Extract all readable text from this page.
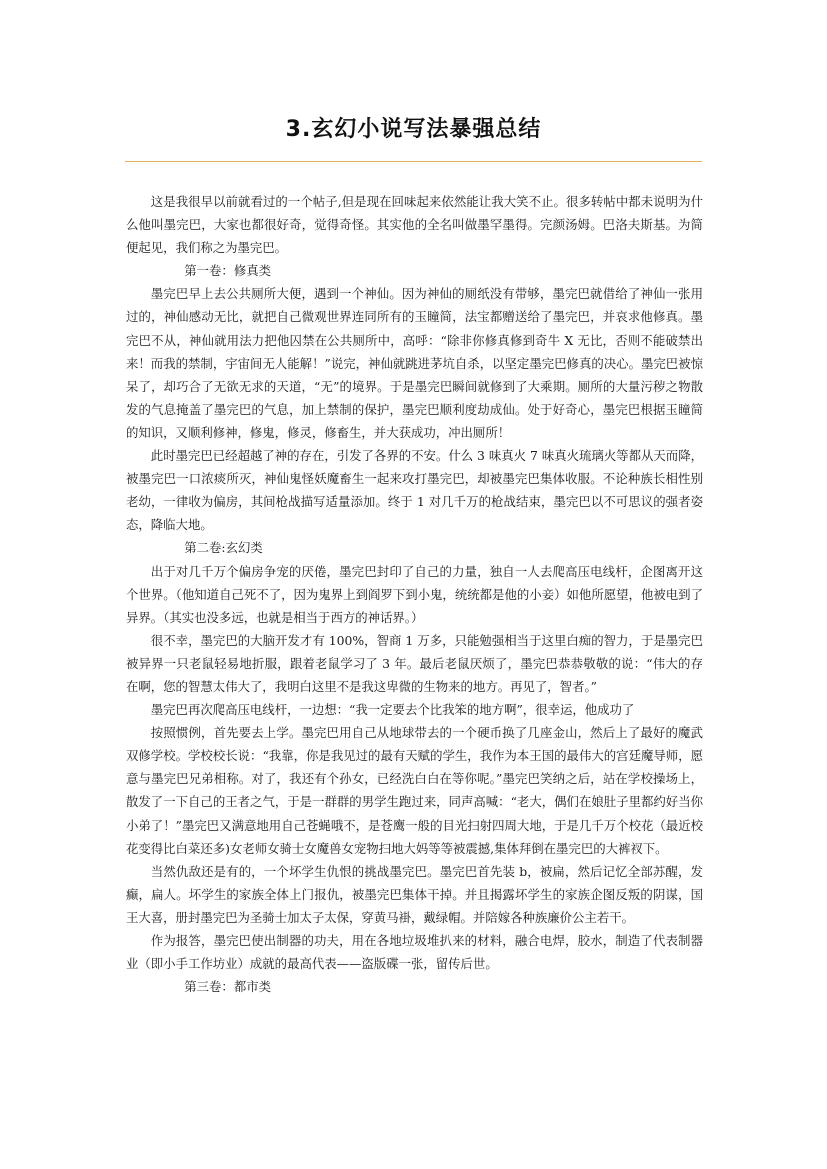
3.玄幻小说写法暴强总结

这是我很早以前就看过的一个帖子,但是现在回味起来依然能让我大笑不止。很多转帖中都未说明为什么他叫墨完巴，大家也都很好奇，觉得奇怪。其实他的全名叫做墨罕墨得。完颜汤姆。巴洛夫斯基。为简便起见，我们称之为墨完巴。

第一卷：修真类

墨完巴早上去公共厕所大便，遇到一个神仙。因为神仙的厕纸没有带够，墨完巴就借给了神仙一张用过的，神仙感动无比，就把自己微观世界连同所有的玉瞳简，法宝都赠送给了墨完巴，并哀求他修真。墨完巴不从，神仙就用法力把他囚禁在公共厕所中，高呼：“除非你修真修到奇牛 X 无比，否则不能破禁出来！而我的禁制，宇宙间无人能解！”说完，神仙就跳进茅坑自杀，以坚定墨完巴修真的决心。墨完巴被惊呆了，却巧合了无欲无求的天道，“无”的境界。于是墨完巴瞬间就修到了大乘期。厕所的大量污秽之物散发的气息掩盖了墨完巴的气息，加上禁制的保护，墨完巴顺利度劫成仙。处于好奇心，墨完巴根据玉瞳简的知识，又顺利修神，修鬼，修灵，修畜生，并大获成功，冲出厕所！

此时墨完巴已经超越了神的存在，引发了各界的不安。什么 3 味真火 7 味真火琉璃火等都从天而降，被墨完巴一口浓痰所灭，神仙鬼怪妖魔畜生一起来攻打墨完巴，却被墨完巴集体收服。不论种族长相性别老幼，一律收为偏房，其间枪战描写适量添加。终于 1 对几千万的枪战结束，墨完巴以不可思议的强者姿态，降临大地。

第二卷:玄幻类

出于对几千万个偏房争宠的厌倦，墨完巴封印了自己的力量，独自一人去爬高压电线杆，企图离开这个世界。（他知道自己死不了，因为鬼界上到阎罗下到小鬼，统统都是他的小妾）如他所愿望，他被电到了异界。（其实也没多远，也就是相当于西方的神话界。）

很不幸，墨完巴的大脑开发才有 100%，智商 1 万多，只能勉强相当于这里白痴的智力，于是墨完巴被异界一只老鼠轻易地折服，跟着老鼠学习了 3 年。最后老鼠厌烦了，墨完巴恭恭敬敬的说：“伟大的存在啊，您的智慧太伟大了，我明白这里不是我这卑微的生物来的地方。再见了，智者。”

墨完巴再次爬高压电线杆，一边想：“我一定要去个比我笨的地方啊”，很幸运，他成功了

按照惯例，首先要去上学。墨完巴用自己从地球带去的一个硬币换了几座金山，然后上了最好的魔武双修学校。学校校长说：“我靠，你是我见过的最有天赋的学生，我作为本王国的最伟大的宫廷魔导师，愿意与墨完巴兄弟相称。对了，我还有个孙女，已经洗白白在等你呢。”墨完巴笑纳之后，站在学校操场上，散发了一下自己的王者之气，于是一群群的男学生跑过来，同声高喊：“老大，偶们在娘肚子里都约好当你小弟了！”墨完巴又满意地用自己苍蝇哦不，是苍鹰一般的目光扫射四周大地，于是几千万个校花（最近校花变得比白菜还多)女老师女骑士女魔兽女宠物扫地大妈等等被震撼,集体拜倒在墨完巴的大裤衩下。

当然仇敌还是有的，一个坏学生仇恨的挑战墨完巴。墨完巴首先装 b，被扁，然后记忆全部苏醒，发癫，扁人。坏学生的家族全体上门报仇，被墨完巴集体干掉。并且揭露坏学生的家族企图反叛的阴谋，国王大喜，册封墨完巴为圣骑士加太子太保，穿黄马褂，戴绿帽。并陪嫁各种族廉价公主若干。

作为报答，墨完巴使出制器的功夫，用在各地垃圾堆扒来的材料，融合电焊，胶水，制造了代表制器业（即小手工作坊业）成就的最高代表——盗版碟一张，留传后世。

第三卷：都市类
